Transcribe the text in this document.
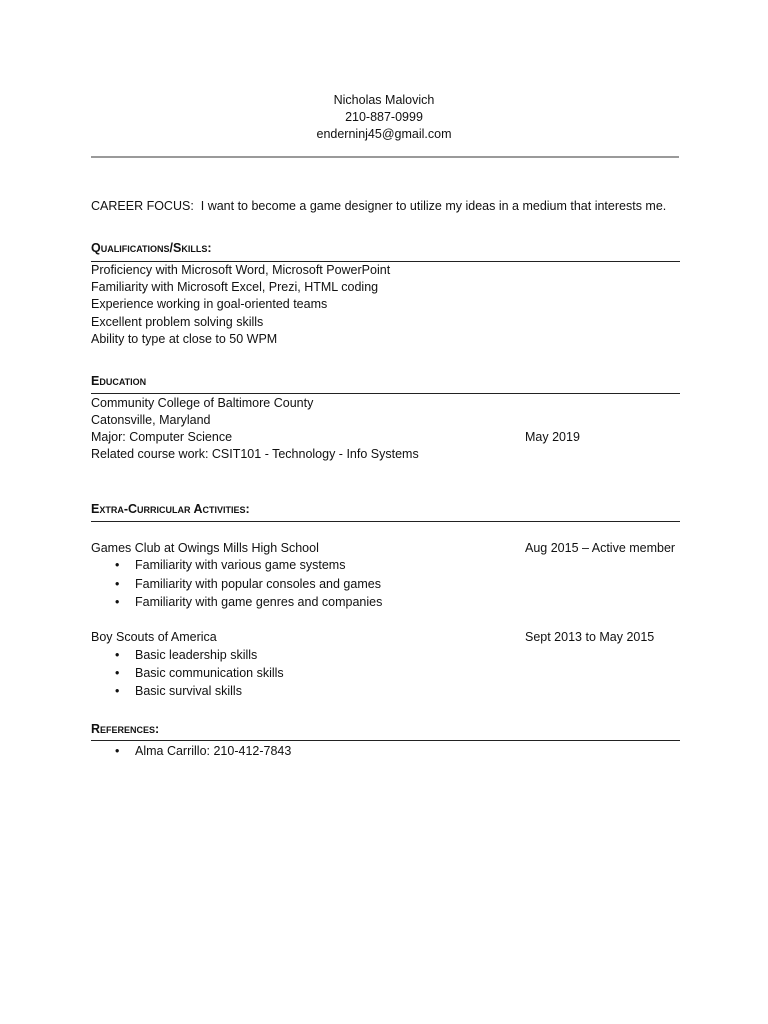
Nicholas Malovich
210-887-0999
enderninj45@gmail.com
CAREER FOCUS: I want to become a game designer to utilize my ideas in a medium that interests me.
Qualifications/Skills:
Proficiency with Microsoft Word, Microsoft PowerPoint
Familiarity with Microsoft Excel, Prezi, HTML coding
Experience working in goal-oriented teams
Excellent problem solving skills
Ability to type at close to 50 WPM
Education
Community College of Baltimore County
Catonsville, Maryland
Major: Computer Science	May 2019
Related course work: CSIT101 - Technology - Info Systems
Extra-Curricular Activities:
Games Club at Owings Mills High School	Aug 2015 – Active member
• Familiarity with various game systems
• Familiarity with popular consoles and games
• Familiarity with game genres and companies
Boy Scouts of America	Sept 2013 to May 2015
• Basic leadership skills
• Basic communication skills
• Basic survival skills
References:
• Alma Carrillo: 210-412-7843
